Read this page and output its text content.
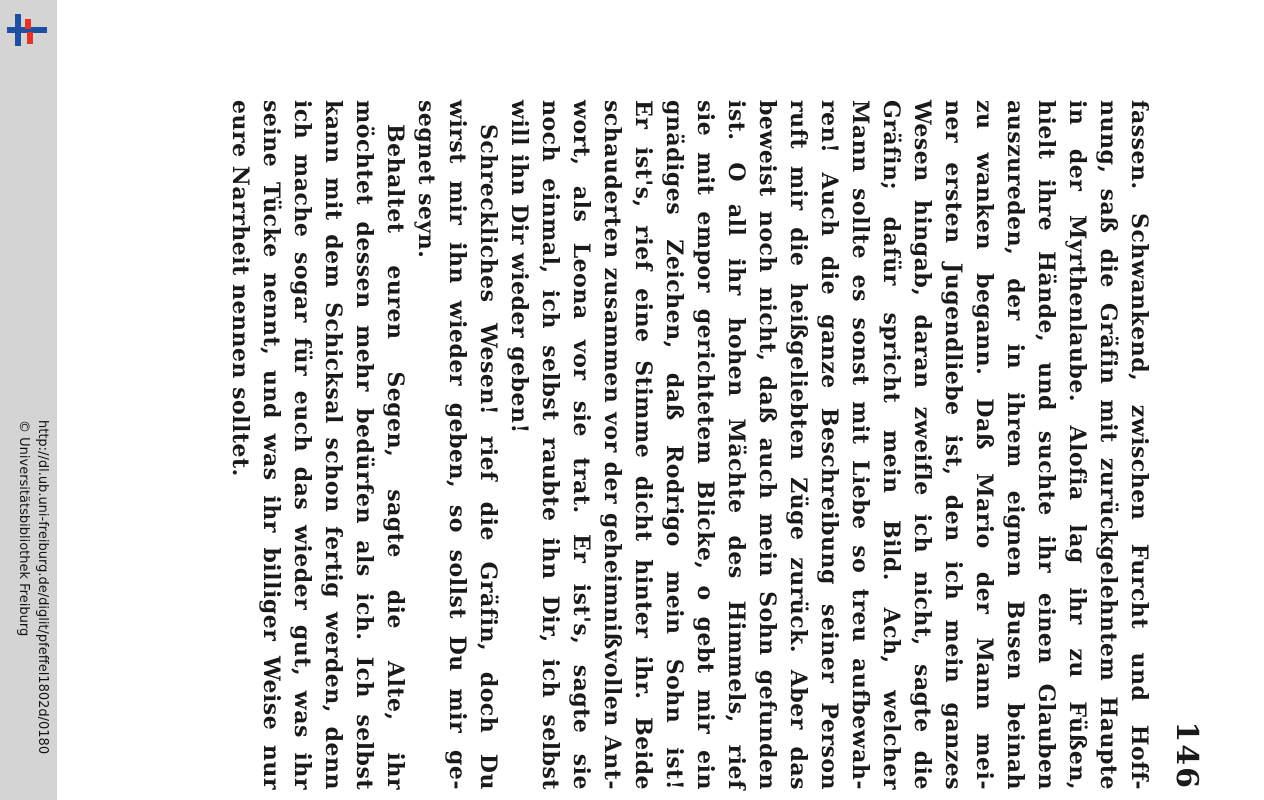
http://dl.ub.uni-freiburg.de/diglit/pfeffel1802d/0180
© Universitätsbibliothek Freiburg
146
fassen. Schwankend, zwischen Furcht und Hoff-
nung, saß die Gräfin mit zurückgelehntem Haupte
in der Myrthenlaube. Alofia lag ihr zu Füßen,
hielt ihre Hände, und suchte ihr einen Glauben
auszureden, der in ihrem eignen Busen beinah
zu wanken begann. Daß Mario der Mann mei-
ner ersten Jugendliebe ist, den ich mein ganzes
Wesen hingab, daran zweifle ich nicht, sagte die
Gräfin; dafür spricht mein Bild. Ach, welcher
Mann sollte es sonst mit Liebe so treu aufbewah-
ren! Auch die ganze Beschreibung seiner Person
ruft mir die heißgeliebten Züge zurück. Aber das
beweist noch nicht, daß auch mein Sohn gefunden
ist. O all ihr hohen Mächte des Himmels, rief
sie mit empor gerichtetem Blicke, o gebt mir ein
gnädiges Zeichen, daß Rodrigo mein Sohn ist!
Er ist's, rief eine Stimme dicht hinter ihr. Beide
schauderten zusammen vor der geheimnißvollen Ant-
wort, als Leona vor sie trat. Er ist's, sagte sie
noch einmal, ich selbst raubte ihn Dir, ich selbst
will ihn Dir wieder geben!
Schreckliches Wesen! rief die Gräfin, doch Du
wirst mir ihn wieder geben, so sollst Du mir ge-
segnet seyn.
Behaltet euren Segen, sagte die Alte, ihr
möchtet dessen mehr bedürfen als ich. Ich selbst
kann mit dem Schicksal schon fertig werden, denn
ich mache sogar für euch das wieder gut, was ihr
seine Tücke nennt, und was ihr billiger Weise nur
eure Narrheit nennen solltet.
